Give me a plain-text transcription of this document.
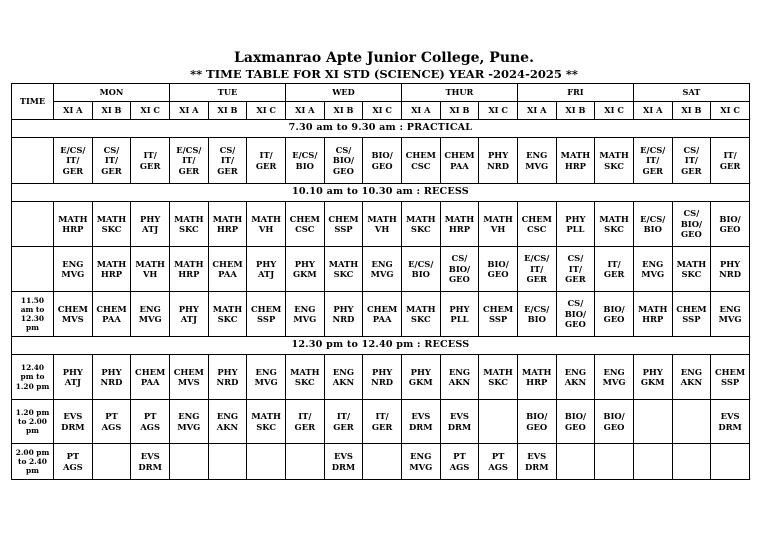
Laxmanrao Apte Junior College, Pune.
** TIME TABLE FOR XI STD (SCIENCE) YEAR -2024-2025 **
TIME	MON			TUE			WED			THUR			FRI			SAT		
	XI A	XI B	XI C	XI A	XI B	XI C	XI A	XI B	XI C	XI A	XI B	XI C	XI A	XI B	XI C	XI A	XI B	XI C
7.30 am to 9.30 am : PRACTICAL																		
	E/CS/
IT/
GER	CS/
IT/
GER	IT/
GER	E/CS/
IT/
GER	CS/
IT/
GER	IT/
GER	E/CS/
BIO	CS/
BIO/
GEO	BIO/
GEO	CHEM
CSC	CHEM
PAA	PHY
NRD	ENG
MVG	MATH
HRP	MATH
SKC	E/CS/
IT/
GER	CS/
IT/
GER	IT/
GER
10.10 am to 10.30 am : RECESS																		
	MATH
HRP	MATH
SKC	PHY
ATJ	MATH
SKC	MATH
HRP	MATH
VH	CHEM
CSC	CHEM
SSP	MATH
VH	MATH
SKC	MATH
HRP	MATH
VH	CHEM
CSC	PHY
PLL	MATH
SKC	E/CS/
BIO	CS/
BIO/
GEO	BIO/
GEO
	ENG
MVG	MATH
HRP	MATH
VH	MATH
HRP	CHEM
PAA	PHY
ATJ	PHY
GKM	MATH
SKC	ENG
MVG	E/CS/
BIO	CS/
BIO/
GEO	BIO/
GEO	E/CS/
IT/
GER	CS/
IT/
GER	IT/
GER	ENG
MVG	MATH
SKC	PHY
NRD
11.50
am to
12.30
pm	CHEM
MVS	CHEM
PAA	ENG
MVG	PHY
ATJ	MATH
SKC	CHEM
SSP	ENG
MVG	PHY
NRD	CHEM
PAA	MATH
SKC	PHY
PLL	CHEM
SSP	E/CS/
BIO	CS/
BIO/
GEO	BIO/
GEO	MATH
HRP	CHEM
SSP	ENG
MVG
12.30 pm to 12.40 pm : RECESS																		
12.40
pm to
1.20 pm	PHY
ATJ	PHY
NRD	CHEM
PAA	CHEM
MVS	PHY
NRD	ENG
MVG	MATH
SKC	ENG
AKN	PHY
NRD	PHY
GKM	ENG
AKN	MATH
SKC	MATH
HRP	ENG
AKN	ENG
MVG	PHY
GKM	ENG
AKN	CHEM
SSP
1.20 pm
to 2.00
pm	EVS
DRM	PT
AGS	PT
AGS	ENG
MVG	ENG
AKN	MATH
SKC	IT/
GER	IT/
GER	IT/
GER	EVS
DRM	EVS
DRM		BIO/
GEO	BIO/
GEO	BIO/
GEO			EVS
DRM
2.00 pm
to 2.40
pm	PT
AGS		EVS
DRM					EVS
DRM		ENG
MVG	PT
AGS	PT
AGS	EVS
DRM					
